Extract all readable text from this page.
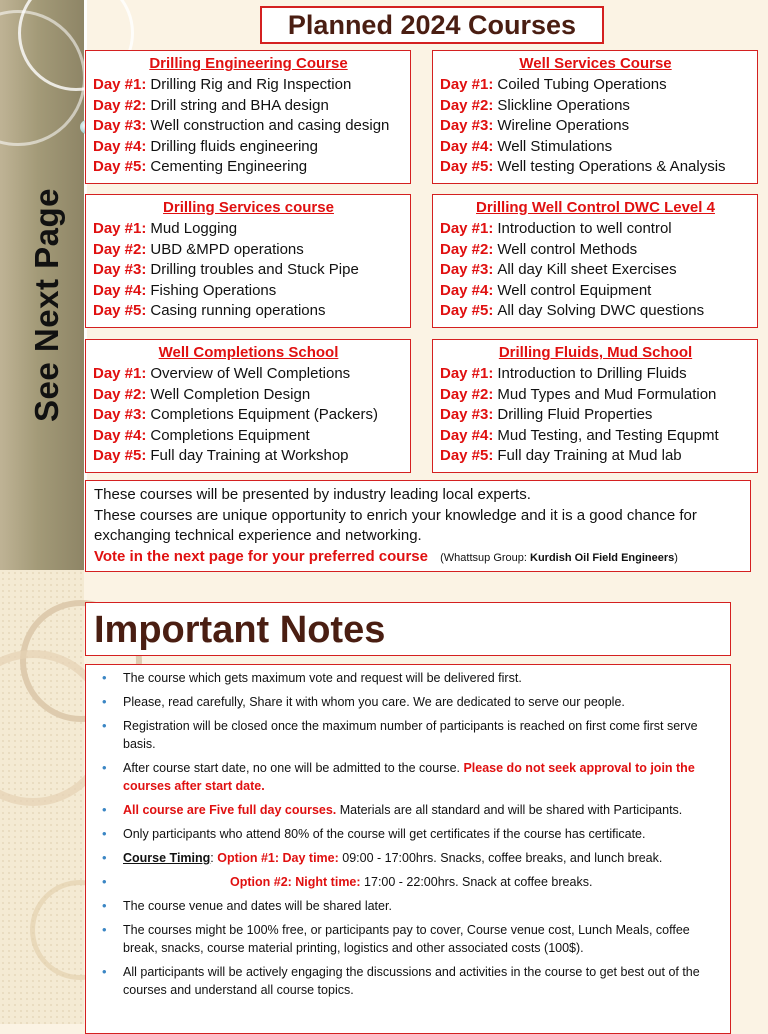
See Next Page
Planned 2024 Courses
Drilling Engineering Course
Day #1: Drilling Rig and Rig Inspection
Day #2: Drill string and BHA design
Day #3: Well construction and casing design
Day #4: Drilling fluids engineering
Day #5: Cementing Engineering
Well Services Course
Day #1: Coiled Tubing Operations
Day #2: Slickline Operations
Day #3: Wireline Operations
Day #4: Well Stimulations
Day #5: Well testing Operations & Analysis
Drilling Services course
Day #1: Mud Logging
Day #2: UBD &MPD operations
Day #3: Drilling troubles and Stuck Pipe
Day #4: Fishing Operations
Day #5: Casing running operations
Drilling Well Control DWC Level 4
Day #1: Introduction to well control
Day #2: Well control Methods
Day #3: All day Kill sheet Exercises
Day #4: Well control Equipment
Day #5: All day Solving DWC questions
Well Completions School
Day #1: Overview of Well Completions
Day #2: Well Completion Design
Day #3: Completions Equipment (Packers)
Day #4: Completions Equipment
Day #5: Full day Training at Workshop
Drilling Fluids, Mud School
Day #1: Introduction to Drilling Fluids
Day #2: Mud Types and Mud Formulation
Day #3: Drilling Fluid Properties
Day #4: Mud Testing, and Testing Equpmt
Day #5: Full day Training at Mud lab
These courses will be presented by industry leading local experts.
These courses are unique opportunity to enrich your knowledge and it is a good chance for exchanging technical experience and networking.
Vote in the next page for your preferred course (Whattsup Group: Kurdish Oil Field Engineers)
Important Notes
• The course which gets maximum vote and request will be delivered first.
• Please, read carefully, Share it with whom you care. We are dedicated to serve our people.
• Registration will be closed once the maximum number of participants is reached on first come first serve basis.
• After course start date, no one will be admitted to the course. Please do not seek approval to join the courses after start date.
• All course are Five full day courses. Materials are all standard and will be shared with Participants.
• Only participants who attend 80% of the course will get certificates if the course has certificate.
• Course Timing: Option #1: Day time: 09:00 - 17:00hrs. Snacks, coffee breaks, and lunch break.
•	Option #2: Night time: 17:00 - 22:00hrs. Snack at coffee breaks.
• The course venue and dates will be shared later.
• The courses might be 100% free, or participants pay to cover, Course venue cost, Lunch Meals, coffee break, snacks, course material printing, logistics and other associated costs (100$).
• All participants will be actively engaging the discussions and activities in the course to get best out of the courses and understand all course topics.
